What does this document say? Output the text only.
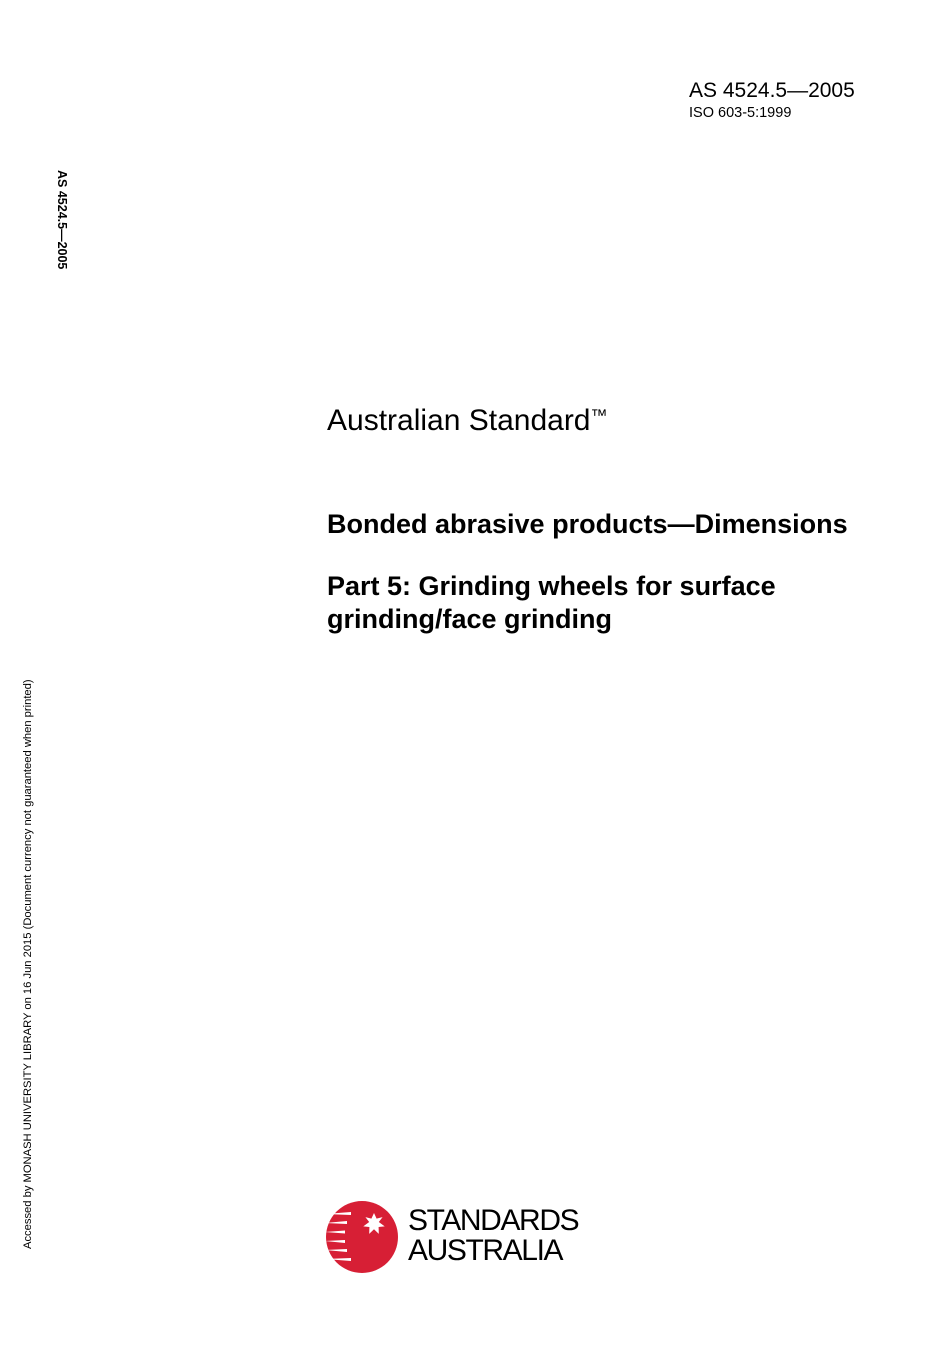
AS 4524.5—2005
ISO 603-5:1999
AS 4524.5—2005
Accessed by MONASH UNIVERSITY LIBRARY on 16 Jun 2015 (Document currency not guaranteed when printed)
Australian Standard™
Bonded abrasive products—Dimensions
Part 5: Grinding wheels for surface
grinding/face grinding
STANDARDS
AUSTRALIA
